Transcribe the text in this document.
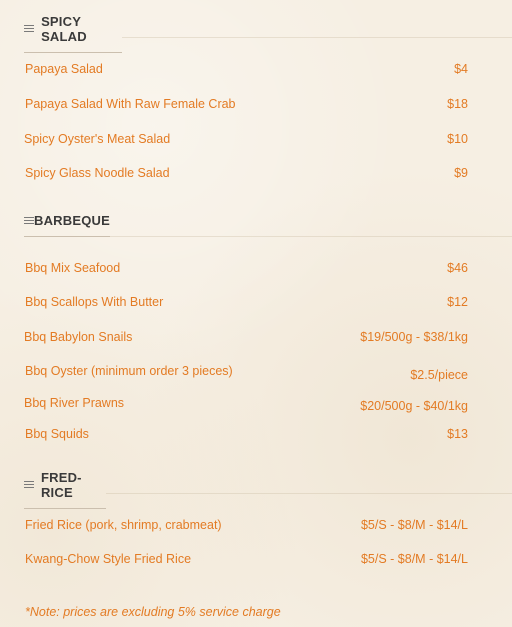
SPICY SALAD
Papaya Salad	$4
Papaya Salad With Raw Female Crab	$18
Spicy Oyster's Meat Salad	$10
Spicy Glass Noodle Salad	$9
BARBEQUE
Bbq Mix Seafood	$46
Bbq Scallops With Butter	$12
Bbq Babylon Snails	$19/500g - $38/1kg
Bbq Oyster (minimum order 3 pieces)	$2.5/piece
Bbq River Prawns	$20/500g - $40/1kg
Bbq Squids	$13
FRED-RICE
Fried Rice (pork, shrimp, crabmeat)	$5/S - $8/M - $14/L
Kwang-Chow Style Fried Rice	$5/S - $8/M - $14/L
*Note: prices are excluding 5% service charge
